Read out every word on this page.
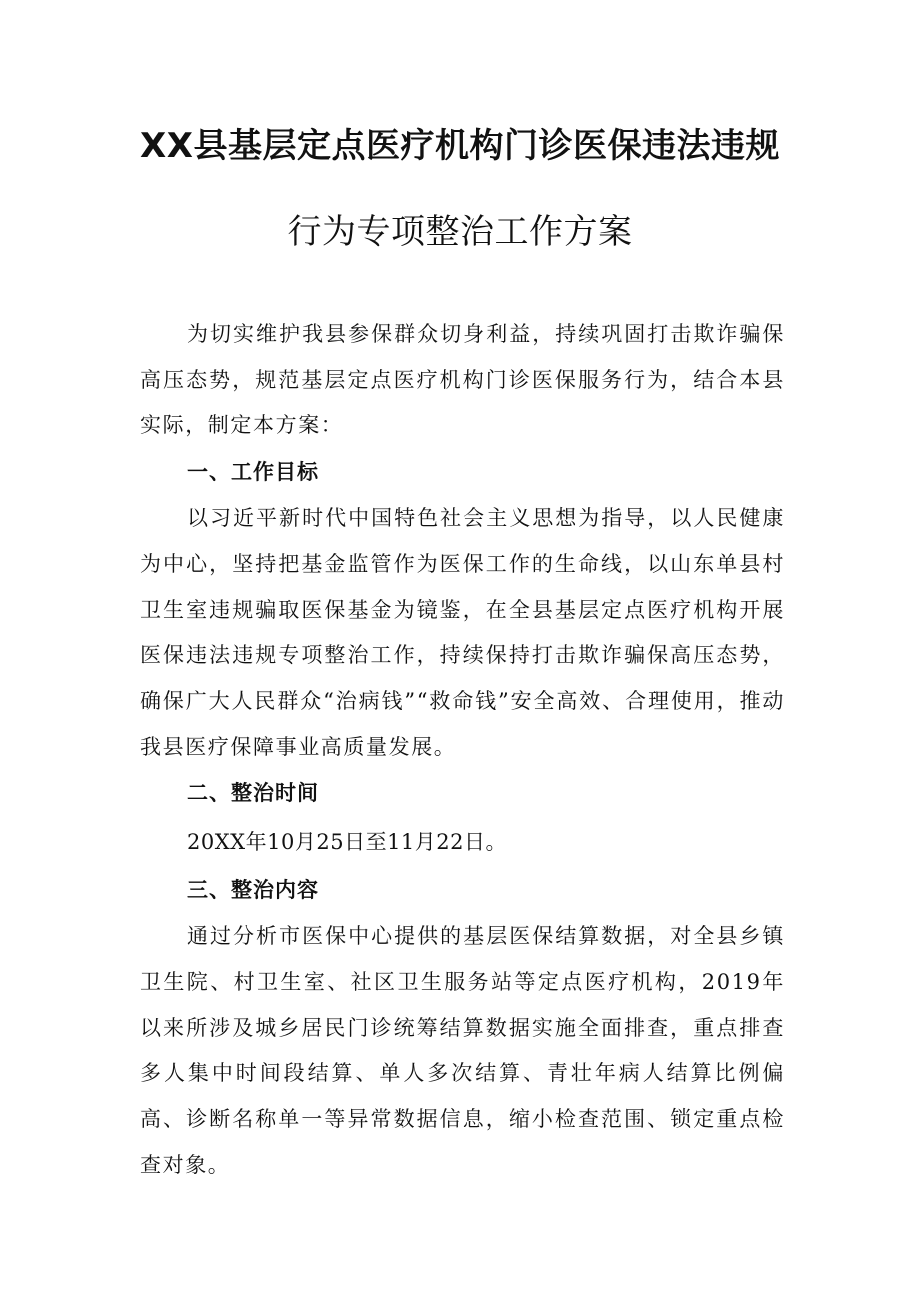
XX县基层定点医疗机构门诊医保违法违规
行为专项整治工作方案

为切实维护我县参保群众切身利益，持续巩固打击欺诈骗保高压态势，规范基层定点医疗机构门诊医保服务行为，结合本县实际，制定本方案：

一、工作目标

以习近平新时代中国特色社会主义思想为指导，以人民健康为中心，坚持把基金监管作为医保工作的生命线，以山东单县村卫生室违规骗取医保基金为镜鉴，在全县基层定点医疗机构开展医保违法违规专项整治工作，持续保持打击欺诈骗保高压态势，确保广大人民群众“治病钱”“救命钱”安全高效、合理使用，推动我县医疗保障事业高质量发展。

二、整治时间

20XX年10月25日至11月22日。

三、整治内容

通过分析市医保中心提供的基层医保结算数据，对全县乡镇卫生院、村卫生室、社区卫生服务站等定点医疗机构，2019年以来所涉及城乡居民门诊统筹结算数据实施全面排查，重点排查多人集中时间段结算、单人多次结算、青壮年病人结算比例偏高、诊断名称单一等异常数据信息，缩小检查范围、锁定重点检查对象。
